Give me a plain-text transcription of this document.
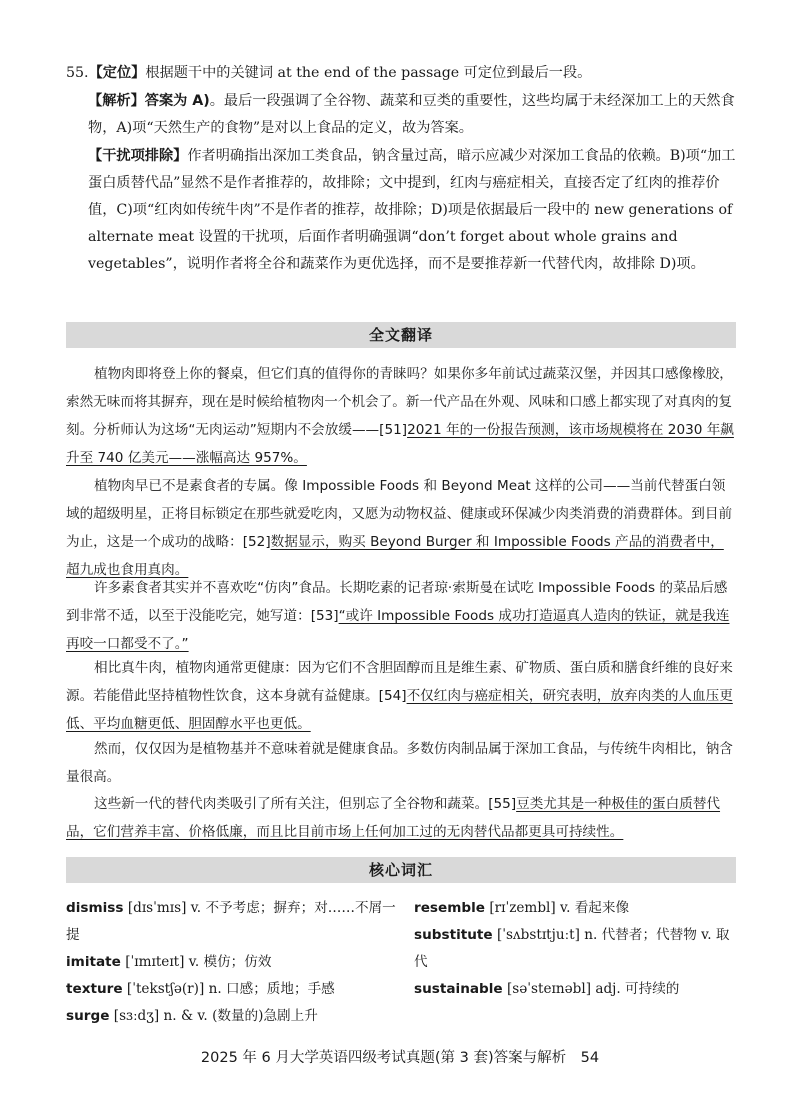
55.【定位】根据题干中的关键词 at the end of the passage 可定位到最后一段。
【解析】答案为 A)。最后一段强调了全谷物、蔬菜和豆类的重要性，这些均属于未经深加工上的天然食物，A)项“天然生产的食物”是对以上食品的定义，故为答案。
【干扰项排除】作者明确指出深加工类食品，钠含量过高，暗示应减少对深加工食品的依赖。B)项“加工蛋白质替代品”显然不是作者推荐的，故排除；文中提到，红肉与癌症相关，直接否定了红肉的推荐价值，C)项“红肉如传统牛肉”不是作者的推荐，故排除；D)项是依据最后一段中的 new generations of alternate meat 设置的干扰项，后面作者明确强调“don’t forget about whole grains and vegetables”，说明作者将全谷和蔬菜作为更优选择，而不是要推荐新一代替代肉，故排除 D)项。
全文翻译
植物肉即将登上你的餐桌，但它们真的值得你的青睐吗？如果你多年前试过蔬菜汉堡，并因其口感像橡胶，索然无味而将其摒弃，现在是时候给植物肉一个机会了。新一代产品在外观、风味和口感上都实现了对真肉的复刻。分析师认为这场“无肉运动”短期内不会放缓——[51]2021 年的一份报告预测，该市场规模将在 2030 年飙升至 740 亿美元——涨幅高达 957%。
植物肉早已不是素食者的专属。像 Impossible Foods 和 Beyond Meat 这样的公司——当前代替蛋白领域的超级明星，正将目标锁定在那些就爱吃肉，又愿为动物权益、健康或环保减少肉类消费的消费群体。到目前为止，这是一个成功的战略：[52]数据显示，购买 Beyond Burger 和 Impossible Foods 产品的消费者中，超九成也食用真肉。
许多素食者其实并不喜欢吃“仿肉”食品。长期吃素的记者琼·索斯曼在试吃 Impossible Foods 的菜品后感到非常不适，以至于没能吃完，她写道：[53]“或许 Impossible Foods 成功打造逼真人造肉的铁证，就是我连再咬一口都受不了。”
相比真牛肉，植物肉通常更健康：因为它们不含胆固醇而且是维生素、矿物质、蛋白质和膳食纤维的良好来源。若能借此坚持植物性饮食，这本身就有益健康。[54]不仅红肉与癌症相关，研究表明，放弃肉类的人血压更低、平均血糖更低、胆固醇水平也更低。
然而，仅仅因为是植物基并不意味着就是健康食品。多数仿肉制品属于深加工食品，与传统牛肉相比，钠含量很高。
这些新一代的替代肉类吸引了所有关注，但别忘了全谷物和蔬菜。[55]豆类尤其是一种极佳的蛋白质替代品，它们营养丰富、价格低廉，而且比目前市场上任何加工过的无肉替代品都更具可持续性。
核心词汇
dismiss [dɪsˈmɪs] v. 不予考虑；摒弃；对……不屑一提
imitate [ˈɪmɪteɪt] v. 模仿；仿效
texture [ˈtekstʃə(r)] n. 口感；质地；手感
surge [sɜːdʒ] n. & v. (数量的)急剧上升
resemble [rɪˈzembl] v. 看起来像
substitute [ˈsʌbstɪtjuːt] n. 代替者；代替物 v. 取代
sustainable [səˈsteɪnəbl] adj. 可持续的
2025 年 6 月大学英语四级考试真题(第 3 套)答案与解析　54
